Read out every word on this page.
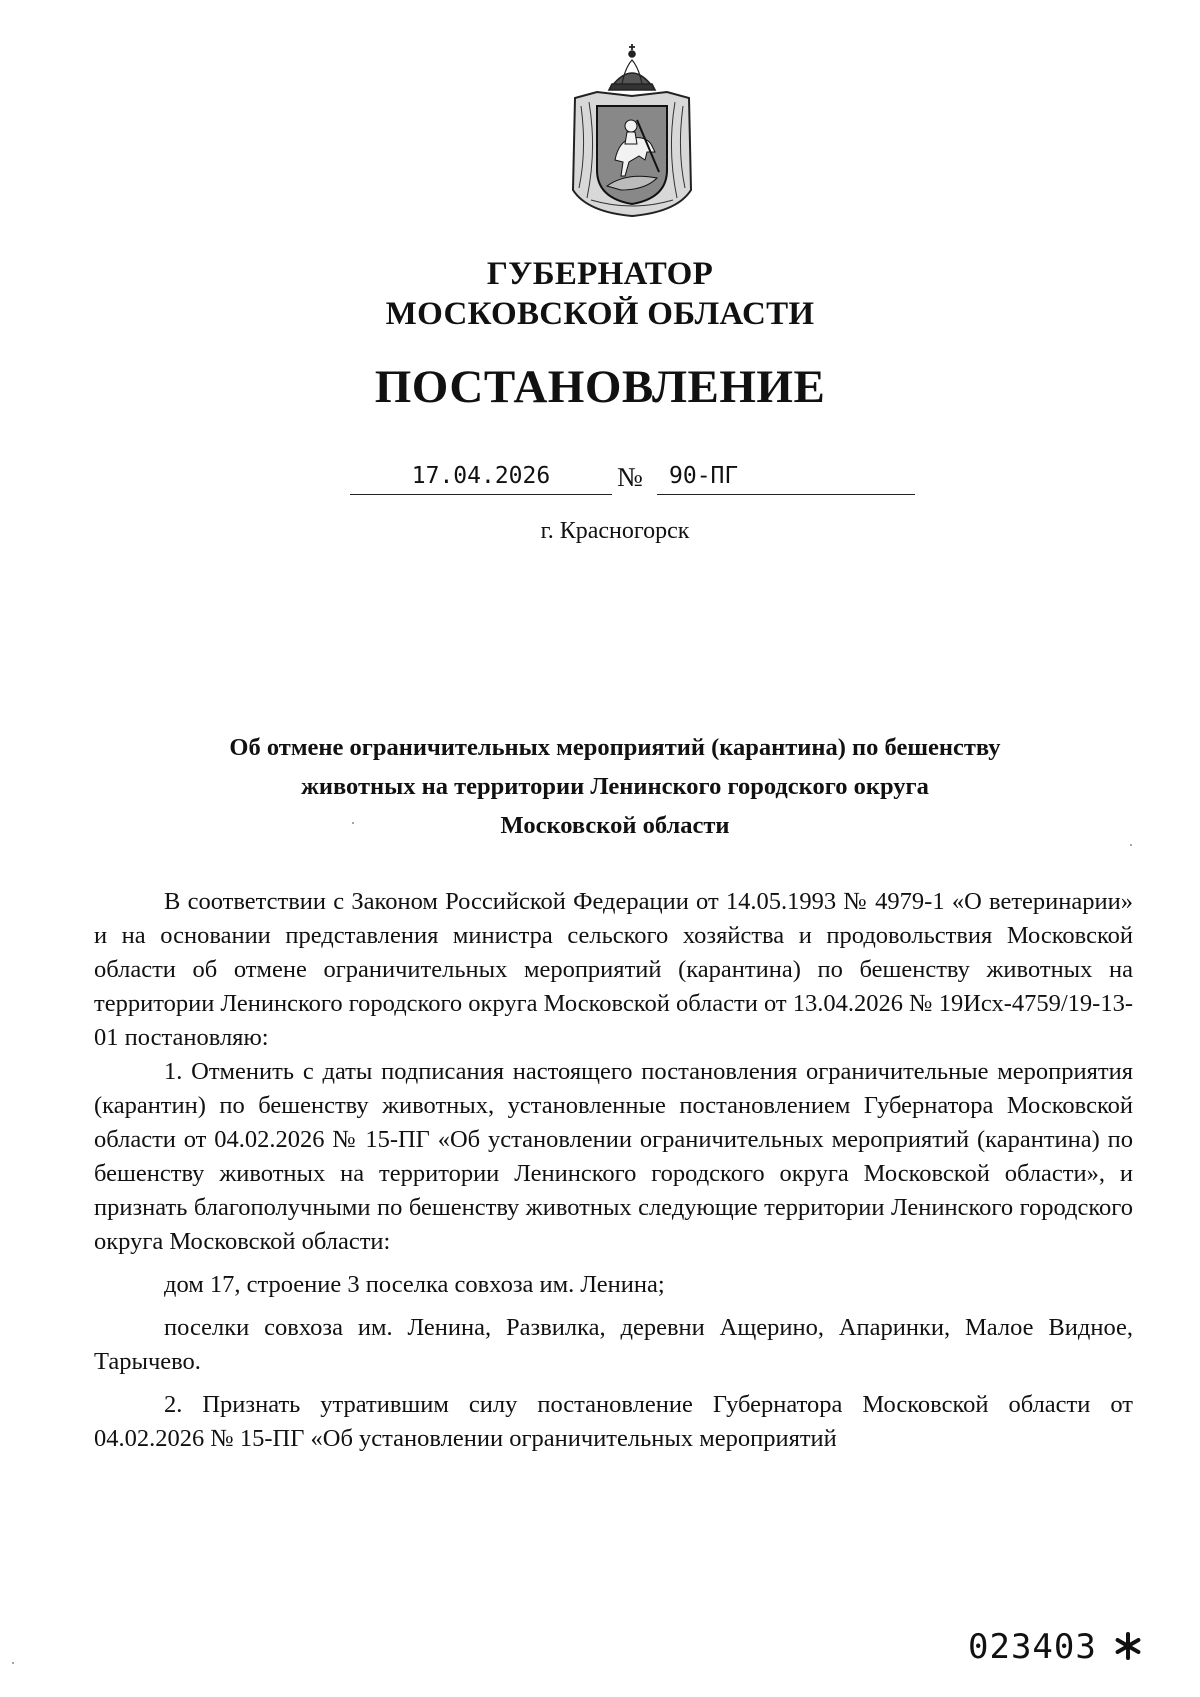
ГУБЕРНАТОР
МОСКОВСКОЙ ОБЛАСТИ
ПОСТАНОВЛЕНИЕ
17.04.2026	№	90-ПГ
г. Красногорск
Об отмене ограничительных мероприятий (карантина) по бешенству
животных на территории Ленинского городского округа
Московской области

В соответствии с Законом Российской Федерации от 14.05.1993 № 4979-1 «О ветеринарии» и на основании представления министра сельского хозяйства и продовольствия Московской области об отмене ограничительных мероприятий (карантина) по бешенству животных на территории Ленинского городского округа Московской области от 13.04.2026 № 19Исх-4759/19-13-01 постановляю:

1. Отменить с даты подписания настоящего постановления ограничительные мероприятия (карантин) по бешенству животных, установленные постановлением Губернатора Московской области от 04.02.2026 № 15-ПГ «Об установлении ограничительных мероприятий (карантина) по бешенству животных на территории Ленинского городского округа Московской области», и признать благополучными по бешенству животных следующие территории Ленинского городского округа Московской области:

дом 17, строение 3 поселка совхоза им. Ленина;

поселки совхоза им. Ленина, Развилка, деревни Ащерино, Апаринки, Малое Видное, Тарычево.

2. Признать утратившим силу постановление Губернатора Московской области от 04.02.2026 № 15-ПГ «Об установлении ограничительных мероприятий

023403
